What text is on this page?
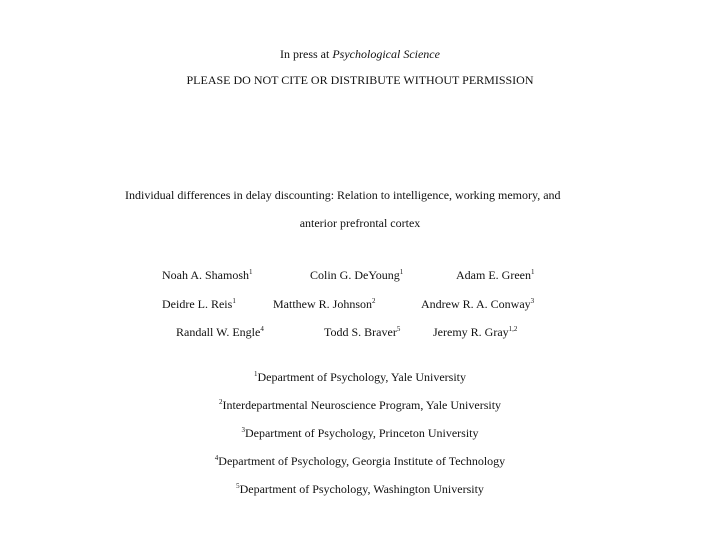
In press at Psychological Science
PLEASE DO NOT CITE OR DISTRIBUTE WITHOUT PERMISSION
Individual differences in delay discounting: Relation to intelligence, working memory, and
anterior prefrontal cortex
Noah A. Shamosh$^1$	Colin G. DeYoung$^1$	Adam E. Green$^1$
Deidre L. Reis$^1$	Matthew R. Johnson$^2$	Andrew R. A. Conway$^3$
Randall W. Engle$^4$	Todd S. Braver$^5$	Jeremy R. Gray$^{1,2}$
$^1$Department of Psychology, Yale University
$^2$Interdepartmental Neuroscience Program, Yale University
$^3$Department of Psychology, Princeton University
$^4$Department of Psychology, Georgia Institute of Technology
$^5$Department of Psychology, Washington University
